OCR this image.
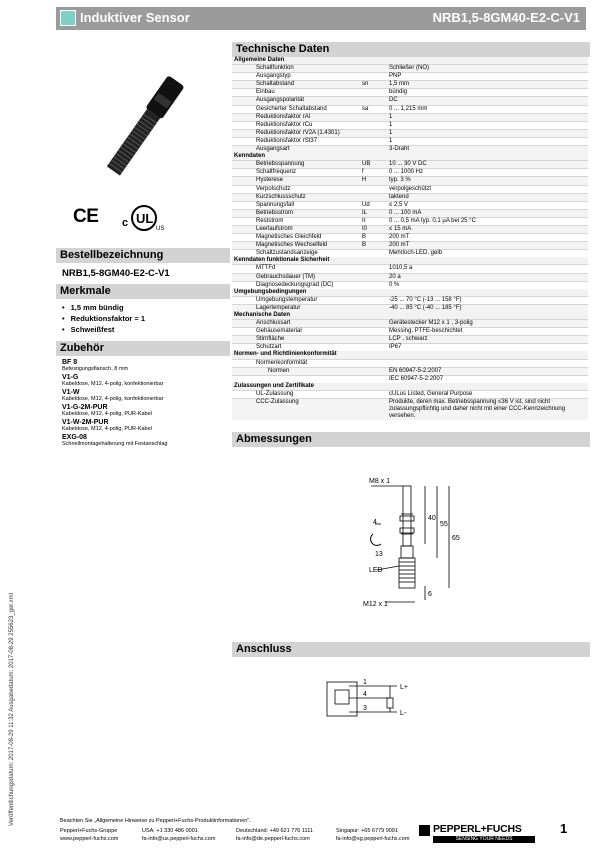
Induktiver Sensor	NRB1,5-8GM40-E2-C-V1
Veröffentlichungsdatum: 2017-08-29 11:32 Ausgabedatum: 2017-08-29 255623_ger.xml
C E c UL
US
Bestellbezeichnung
NRB1,5-8GM40-E2-C-V1
Merkmale
• 1,5 mm bündig
• Reduktionsfaktor = 1
• Schweißfest
Zubehör
BF 8
Befestigungsflansch, 8 mm
V1-G
Kabeldose, M12, 4-polig, konfektionierbar
V1-W
Kabeldose, M12, 4-polig, konfektionierbar
V1-G-2M-PUR
Kabeldose, M12, 4-polig, PUR-Kabel
V1-W-2M-PUR
Kabeldose, M12, 4-polig, PUR-Kabel
EXG-08
Schnellmontagehalterung mit Festanschlag
Technische Daten
Allgemeine Daten			
	Schaltfunktion		Schließer (NO)
	Ausgangstyp		PNP
	Schaltabstand	sn	1,5 mm
	Einbau		bündig
	Ausgangspolarität		DC
	Gesicherter Schaltabstand	sa	0 ... 1,215 mm
	Reduktionsfaktor rAl		1
	Reduktionsfaktor rCu		1
	Reduktionsfaktor rV2A (1.4301)		1
	Reduktionsfaktor rSt37		1
	Ausgangsart		3-Draht
Kenndaten			
	Betriebsspannung	UB	10 ... 30 V DC
	Schaltfrequenz	f	0 ... 1000 Hz
	Hysterese	H	typ. 3 %
	Verpolschutz		verpolgeschützt
	Kurzschlussschutz		taktend
	Spannungsfall	Ud	≤ 2,5 V
	Betriebsstrom	IL	0 ... 100 mA
	Reststrom	Ir	0 ... 0,5 mA typ. 0,1 µA bei 25 °C
	Leerlaufstrom	I0	≤ 15 mA
	Magnetisches Gleichfeld	B	200 mT
	Magnetisches Wechselfeld	B	200 mT
	Schaltzustandsanzeige		Mehrloch-LED, gelb
Kenndaten funktionale Sicherheit			
	MTTFd		1010,5 a
	Gebrauchsdauer (TM)		20 a
	Diagnosedeckungsgrad (DC)		0 %
Umgebungsbedingungen			
	Umgebungstemperatur		-25 ... 70 °C (-13 ... 158 °F)
	Lagertemperatur		-40 ... 85 °C (-40 ... 185 °F)
Mechanische Daten			
	Anschlussart		Gerätestecker M12 x 1 , 3-polig
	Gehäusematerial		Messing, PTFE-beschichtet
	Stirnfläche		LCP , schwarz
	Schutzart		IP67
Normen- und Richtlinienkonformität			
	Normenkonformität		
	Normen		EN 60947-5-2:2007
			IEC 60947-5-2:2007
Zulassungen und Zertifikate			
	UL-Zulassung		cULus Listed, General Purpose
	CCC-Zulassung		Produkte, deren max. Betriebsspannung ≤36 V ist, sind nicht zulassungspflichtig und daher nicht mit einer CCC-Kennzeichnung versehen.
Abmessungen
M8 x 1
4
13
40
55
65
6
LED
M12 x 1
Anschluss
1
4
3
L+
L-
Beachten Sie „Allgemeine Hinweise zu Pepperl+Fuchs-Produktinformationen".
Pepperl+Fuchs-Gruppe
www.pepperl-fuchs.com
USA: +1 330 486 0001
fa-info@us.pepperl-fuchs.com
Deutschland: +49 621 776 1111
fa-info@de.pepperl-fuchs.com
Singapur: +65 6779 9091
fa-info@sg.pepperl-fuchs.com
PEPPERL+FUCHS
SENSING YOUR NEEDS
1
